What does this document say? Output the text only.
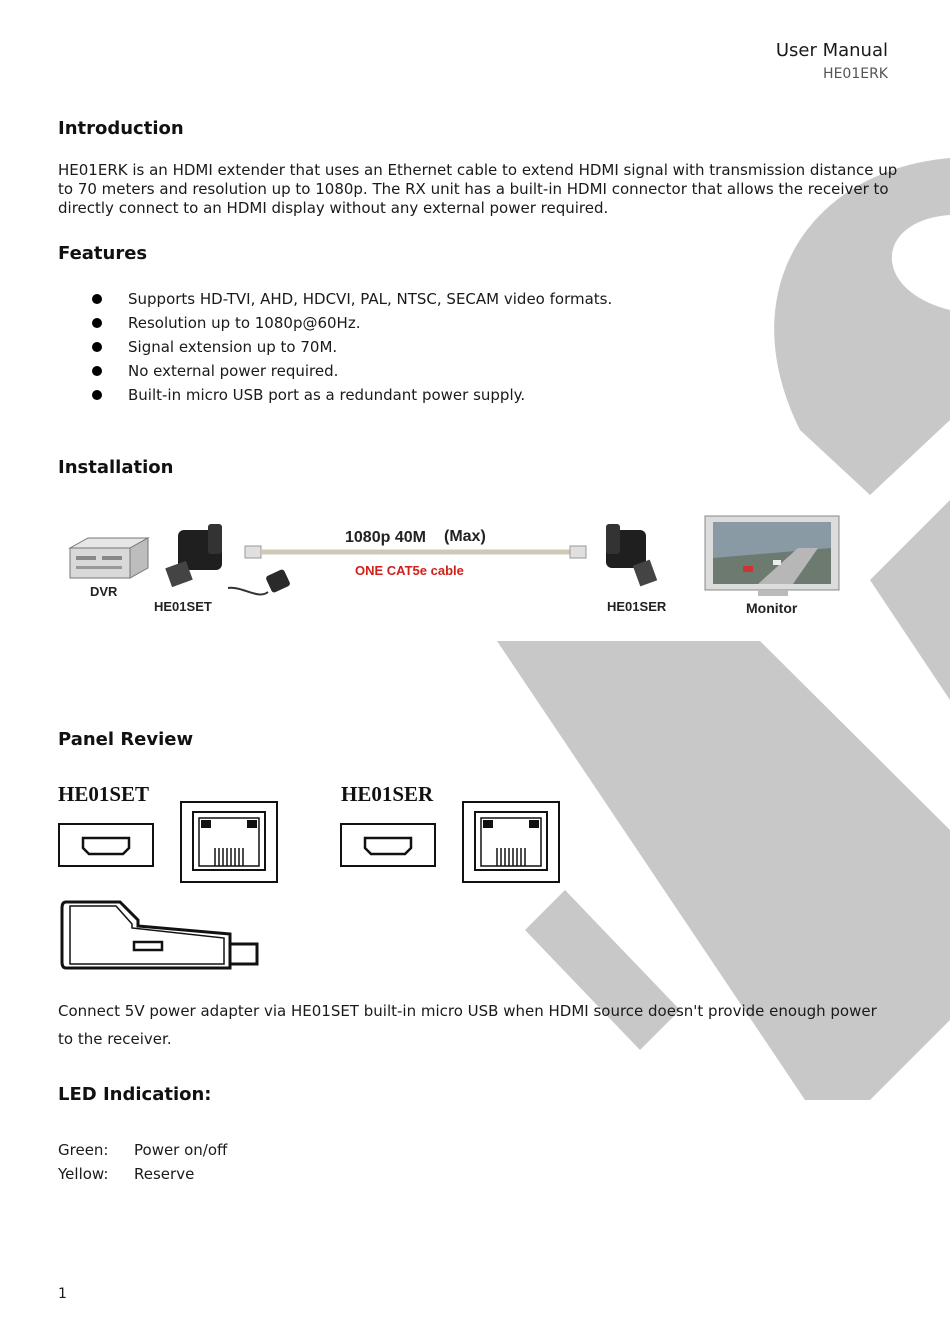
User Manual
HE01ERK
Introduction

HE01ERK is an HDMI extender that uses an Ethernet cable to extend HDMI signal with transmission distance up to 70 meters and resolution up to 1080p. The RX unit has a built-in HDMI connector that allows the receiver to directly connect to an HDMI display without any external power required.

Features
Supports HD-TVI, AHD, HDCVI, PAL, NTSC, SECAM video formats.
Resolution up to 1080p@60Hz.
Signal extension up to 70M.
No external power required.
Built-in micro USB port as a redundant power supply.
Installation
DVR
HE01SET
1080p 40M (Max)
ONE CAT5e cable
HE01SER	Monitor
Panel Review
HE01SET	HE01SER

Connect 5V power adapter via HE01SET built-in micro USB when HDMI source doesn't provide enough power to the receiver.

LED Indication:
Green: Power on/off
Yellow: Reserve
1
